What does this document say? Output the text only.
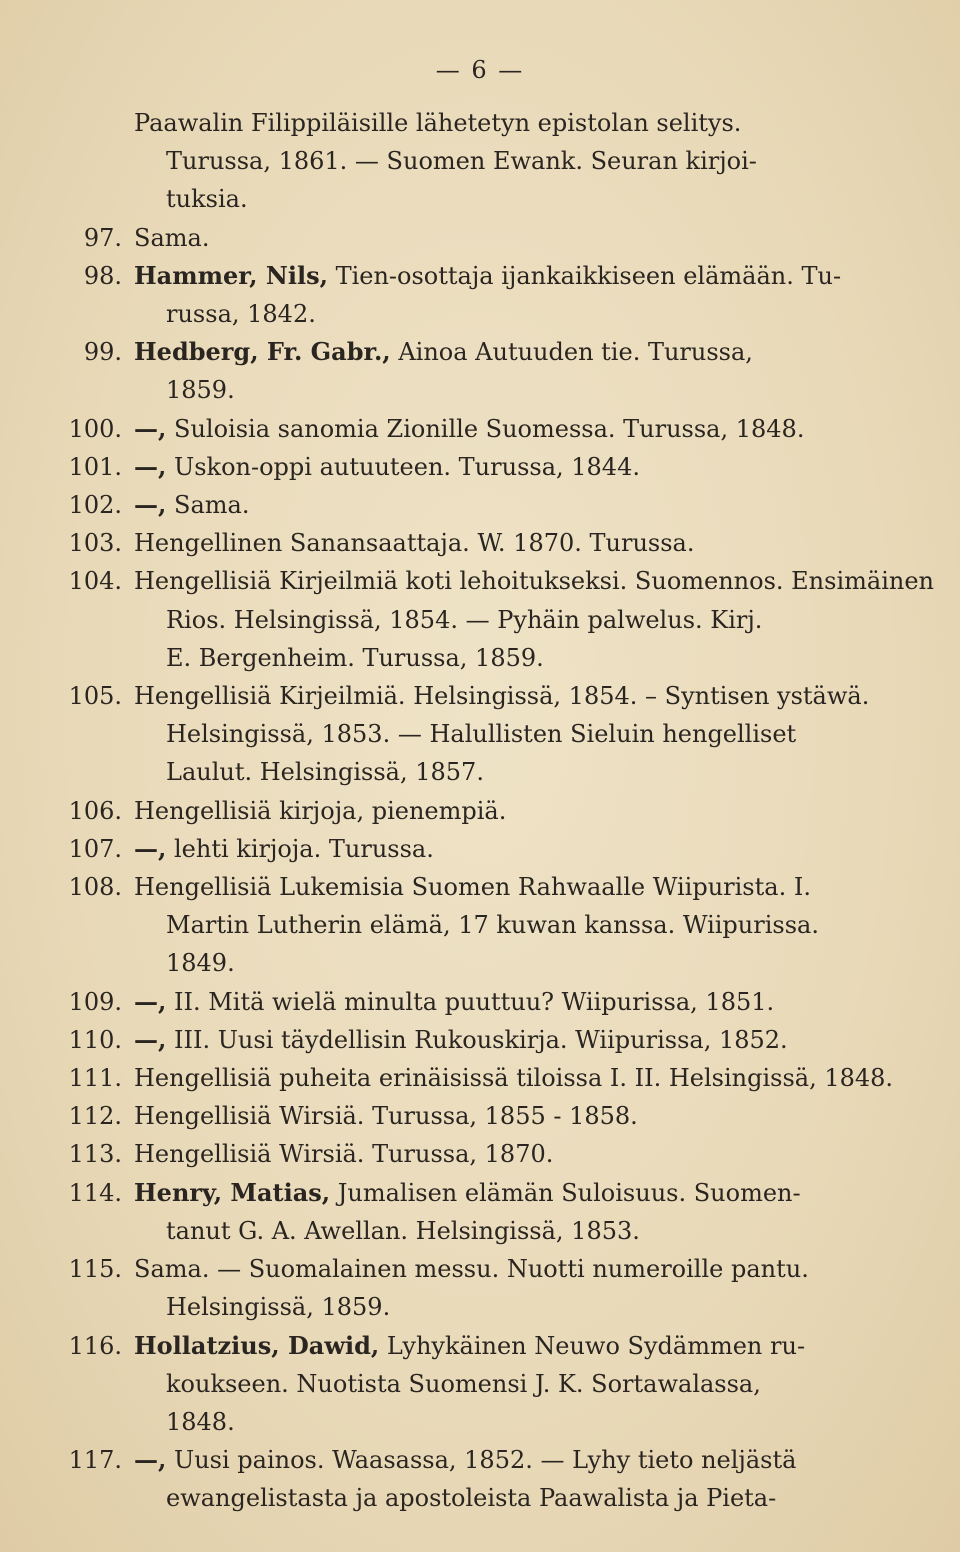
— 6 —
Paawalin Filippiläisille lähetetyn epistolan selitys.
Turussa, 1861. — Suomen Ewank. Seuran kirjoi-
tuksia.
97. Sama.
98. Hammer, Nils, Tien-osottaja ijankaikkiseen elämään. Tu-
russa, 1842.
99. Hedberg, Fr. Gabr., Ainoa Autuuden tie. Turussa,
1859.
100. —, Suloisia sanomia Zionille Suomessa. Turussa, 1848.
101. —, Uskon-oppi autuuteen. Turussa, 1844.
102. —, Sama.
103. Hengellinen Sanansaattaja. W. 1870. Turussa.
104. Hengellisiä Kirjeilmiä koti lehoitukseksi. Suomennos. Ensimäinen
Rios. Helsingissä, 1854. — Pyhäin palwelus. Kirj.
E. Bergenheim. Turussa, 1859.
105. Hengellisiä Kirjeilmiä. Helsingissä, 1854. – Syntisen ystäwä.
Helsingissä, 1853. — Halullisten Sieluin hengelliset
Laulut. Helsingissä, 1857.
106. Hengellisiä kirjoja, pienempiä.
107. —, lehti kirjoja. Turussa.
108. Hengellisiä Lukemisia Suomen Rahwaalle Wiipurista. I.
Martin Lutherin elämä, 17 kuwan kanssa. Wiipurissa.
1849.
109. —, II. Mitä wielä minulta puuttuu? Wiipurissa, 1851.
110. —, III. Uusi täydellisin Rukouskirja. Wiipurissa, 1852.
111. Hengellisiä puheita erinäisissä tiloissa I. II. Helsingissä, 1848.
112. Hengellisiä Wirsiä. Turussa, 1855 - 1858.
113. Hengellisiä Wirsiä. Turussa, 1870.
114. Henry, Matias, Jumalisen elämän Suloisuus. Suomen-
tanut G. A. Awellan. Helsingissä, 1853.
115. Sama. — Suomalainen messu. Nuotti numeroille pantu.
Helsingissä, 1859.
116. Hollatzius, Dawid, Lyhykäinen Neuwo Sydämmen ru-
koukseen. Nuotista Suomensi J. K. Sortawalassa,
1848.
117. —, Uusi painos. Waasassa, 1852. — Lyhy tieto neljästä
ewangelistasta ja apostoleista Paawalista ja Pieta-
